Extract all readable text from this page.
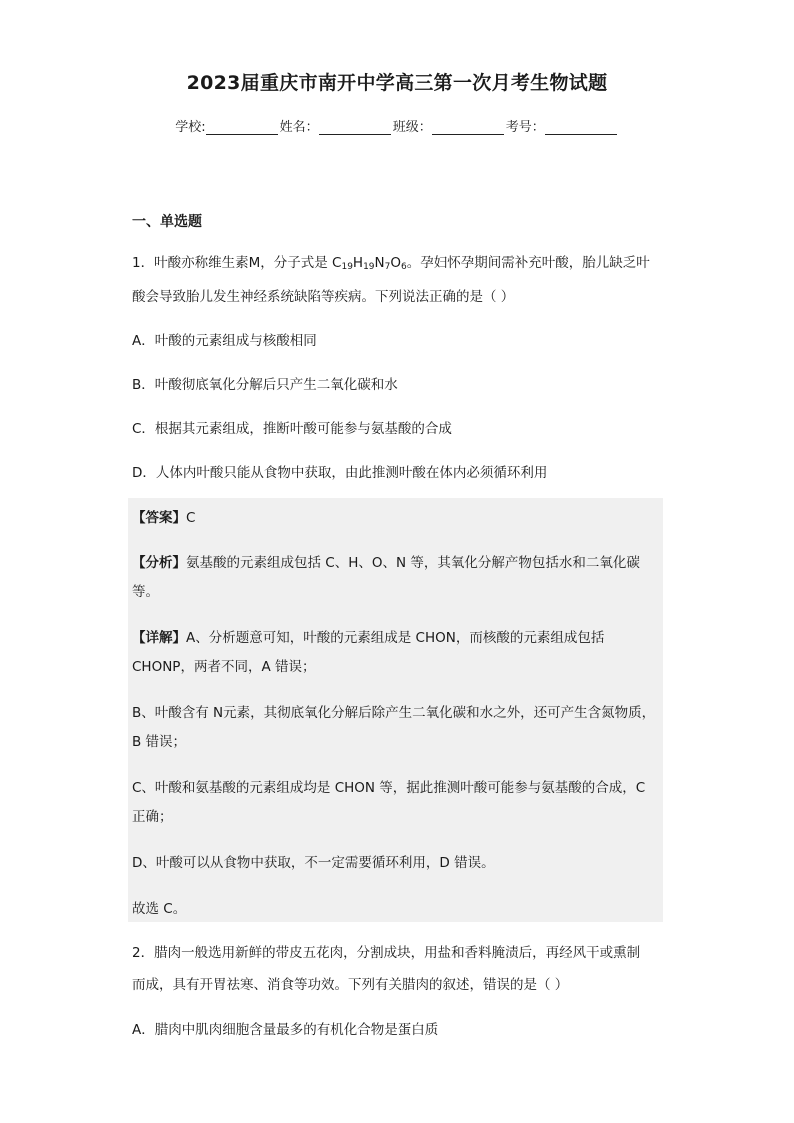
2023届重庆市南开中学高三第一次月考生物试题
学校:	姓名：	班级：	考号：
一、单选题
1．叶酸亦称维生素M，分子式是 $C_{19}H_{19}N_7O_6$。孕妇怀孕期间需补充叶酸，胎儿缺乏叶
酸会导致胎儿发生神经系统缺陷等疾病。下列说法正确的是（ ）
A．叶酸的元素组成与核酸相同
B．叶酸彻底氧化分解后只产生二氧化碳和水
C．根据其元素组成，推断叶酸可能参与氨基酸的合成
D．人体内叶酸只能从食物中获取，由此推测叶酸在体内必须循环利用
【答案】C
【分析】氨基酸的元素组成包括 C、H、O、N 等，其氧化分解产物包括水和二氧化碳
等。
【详解】A、分析题意可知，叶酸的元素组成是 CHON，而核酸的元素组成包括
CHONP，两者不同，A 错误；
B、叶酸含有 N元素，其彻底氧化分解后除产生二氧化碳和水之外，还可产生含氮物质，
B 错误；
C、叶酸和氨基酸的元素组成均是 CHON 等，据此推测叶酸可能参与氨基酸的合成，C
正确；
D、叶酸可以从食物中获取，不一定需要循环利用，D 错误。
故选 C。
2．腊肉一般选用新鲜的带皮五花肉，分割成块，用盐和香料腌渍后，再经风干或熏制
而成，具有开胃祛寒、消食等功效。下列有关腊肉的叙述，错误的是（ ）
A．腊肉中肌肉细胞含量最多的有机化合物是蛋白质
